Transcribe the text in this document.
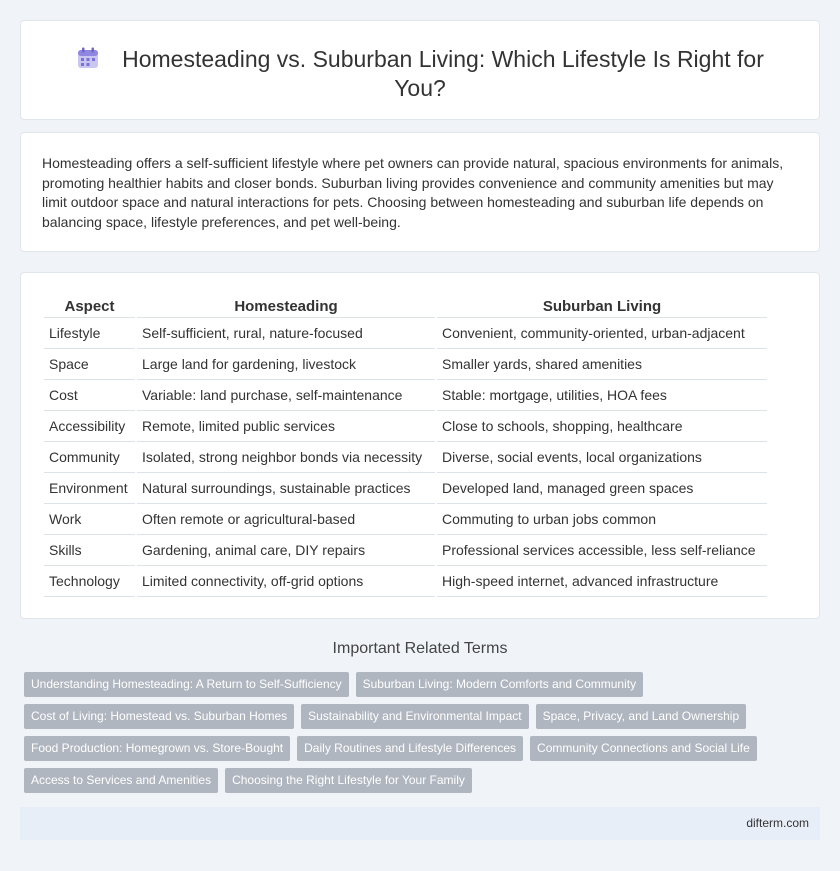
Homesteading vs. Suburban Living: Which Lifestyle Is Right for You?

Homesteading offers a self-sufficient lifestyle where pet owners can provide natural, spacious environments for animals, promoting healthier habits and closer bonds. Suburban living provides convenience and community amenities but may limit outdoor space and natural interactions for pets. Choosing between homesteading and suburban life depends on balancing space, lifestyle preferences, and pet well-being.

Aspect	Homesteading	Suburban Living
Lifestyle	Self-sufficient, rural, nature-focused	Convenient, community-oriented, urban-adjacent
Space	Large land for gardening, livestock	Smaller yards, shared amenities
Cost	Variable: land purchase, self-maintenance	Stable: mortgage, utilities, HOA fees
Accessibility	Remote, limited public services	Close to schools, shopping, healthcare
Community	Isolated, strong neighbor bonds via necessity	Diverse, social events, local organizations
Environment	Natural surroundings, sustainable practices	Developed land, managed green spaces
Work	Often remote or agricultural-based	Commuting to urban jobs common
Skills	Gardening, animal care, DIY repairs	Professional services accessible, less self-reliance
Technology	Limited connectivity, off-grid options	High-speed internet, advanced infrastructure
Important Related Terms
Understanding Homesteading: A Return to Self-Sufficiency	Suburban Living: Modern Comforts and Community
Cost of Living: Homestead vs. Suburban Homes	Sustainability and Environmental Impact	Space, Privacy, and Land Ownership
Food Production: Homegrown vs. Store-Bought	Daily Routines and Lifestyle Differences	Community Connections and Social Life
Access to Services and Amenities	Choosing the Right Lifestyle for Your Family
difterm.com
